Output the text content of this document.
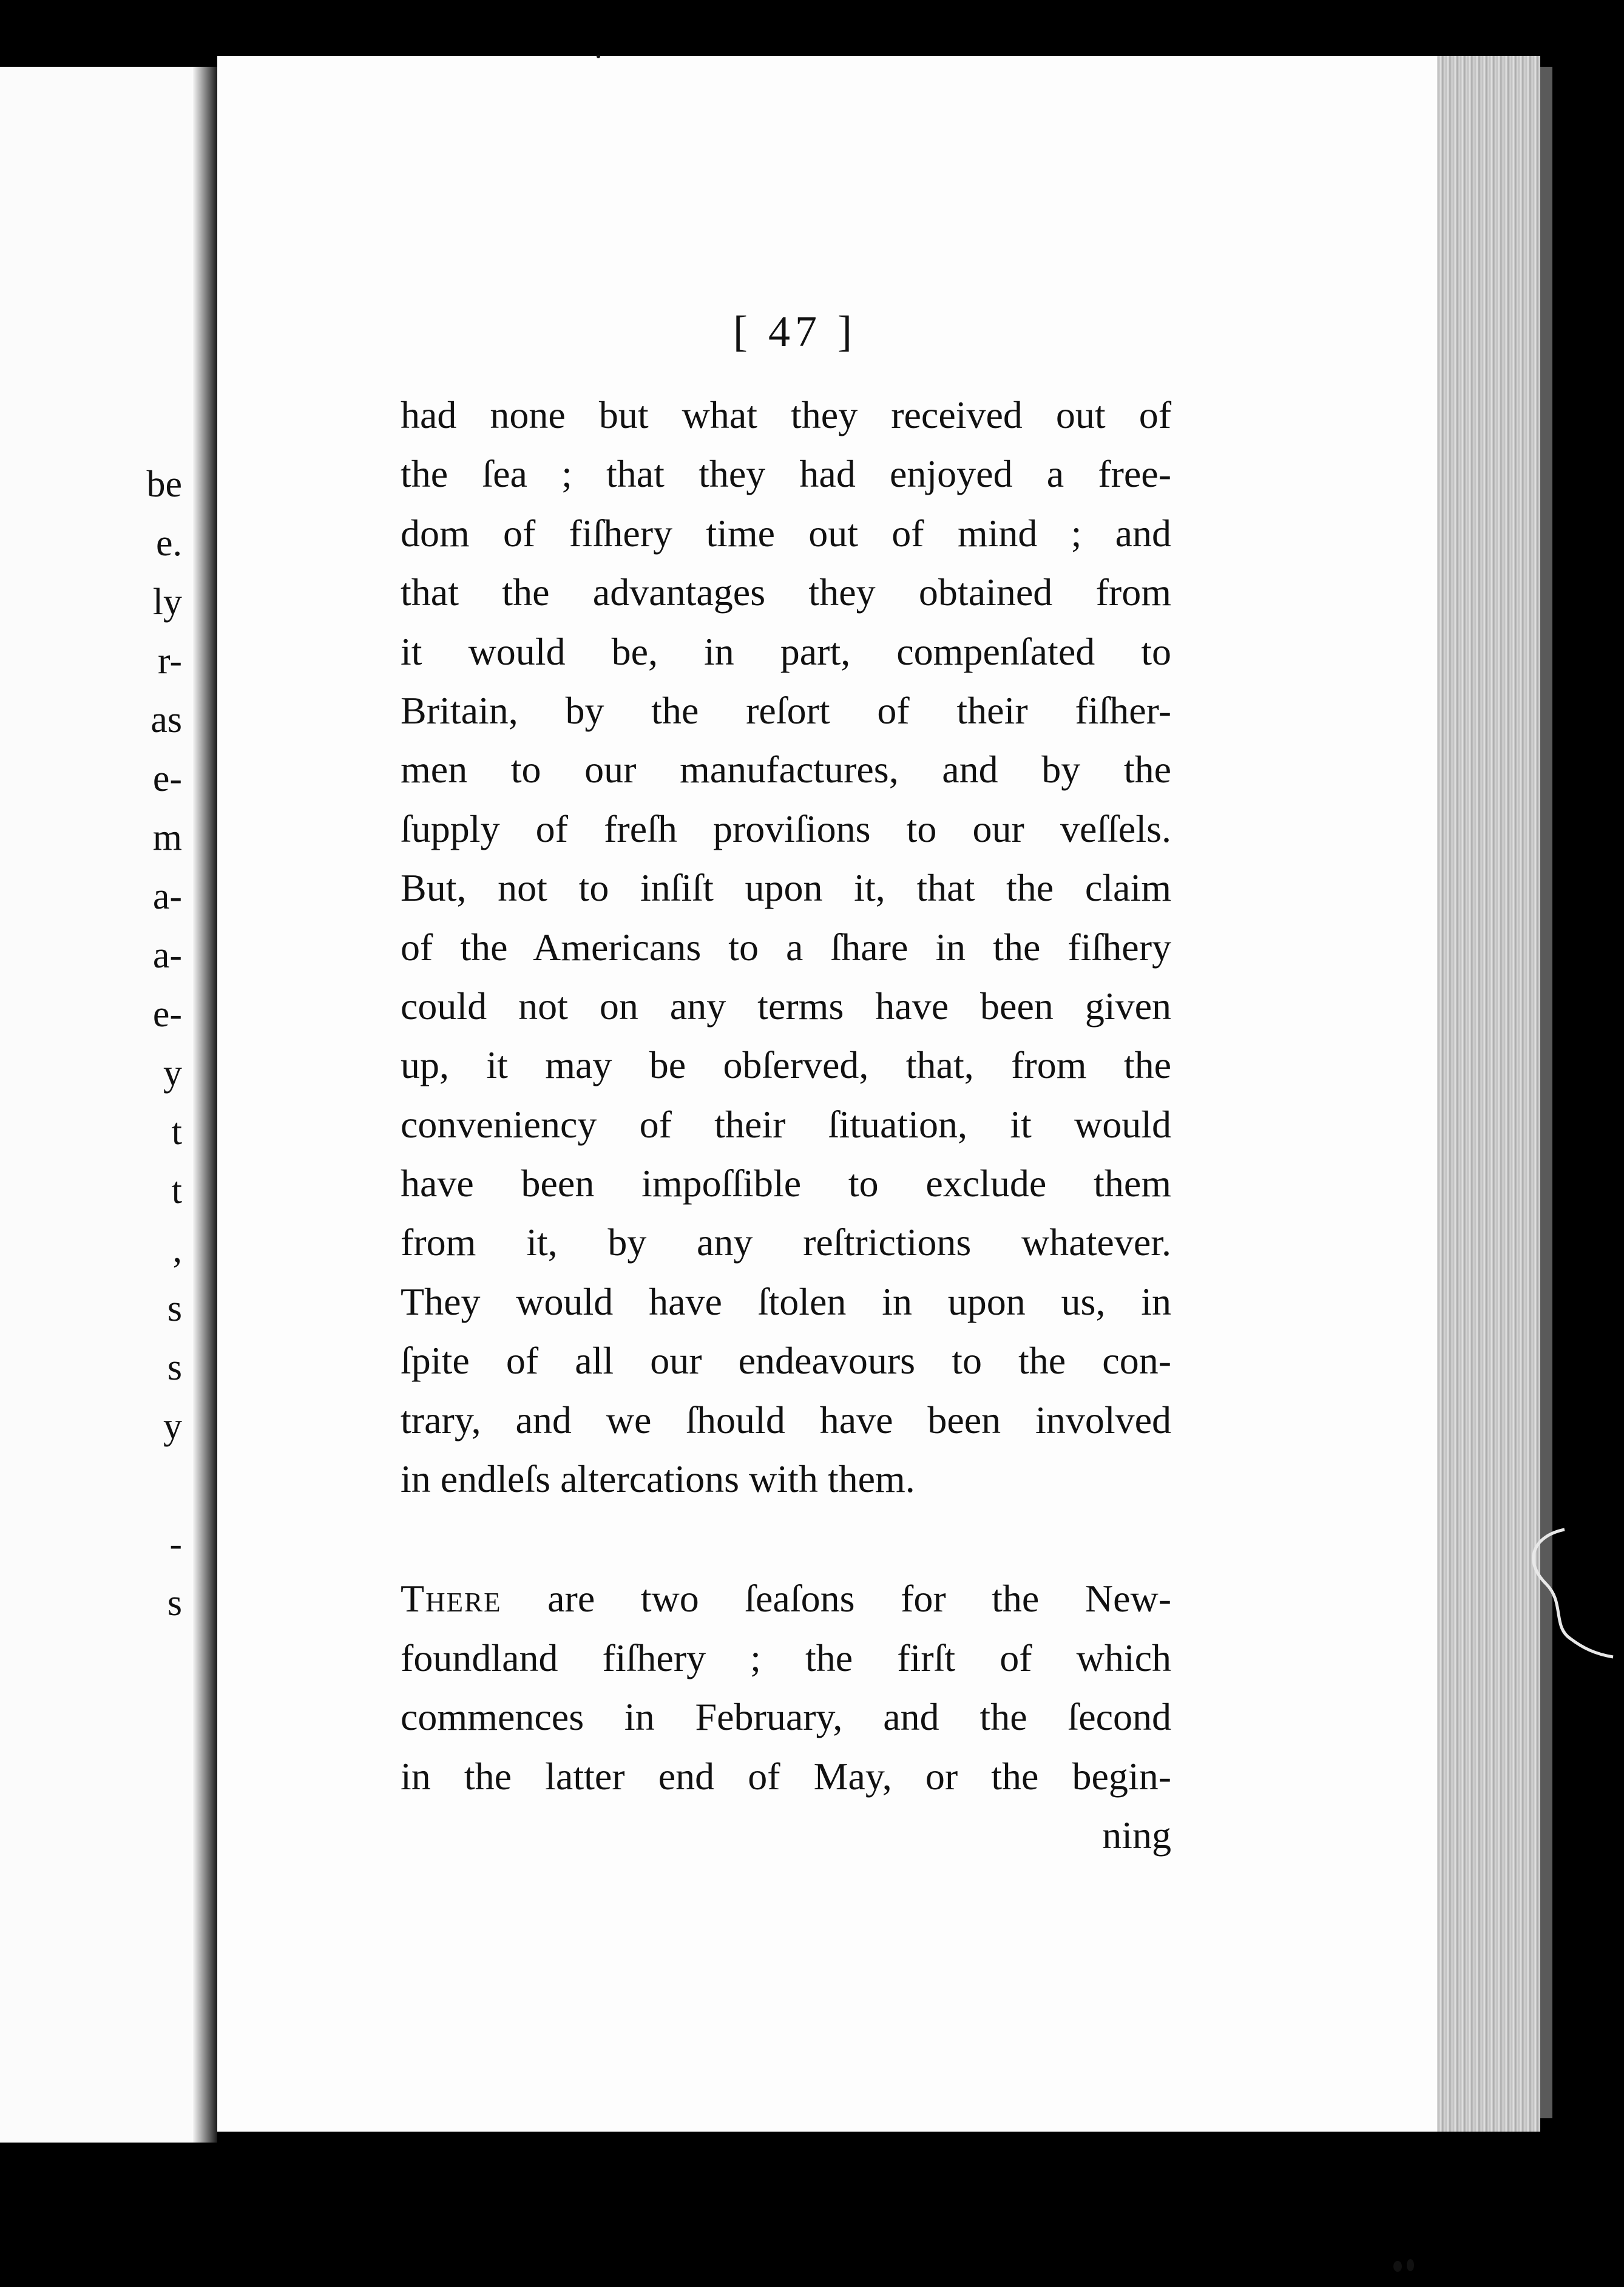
be
e.
ly
r-
as
e-
m
a-
a-
e-
y
t
t
,
s
s
y
-
s
[ 47 ]
had none but what they received out of
the ſea ; that they had enjoyed a free-
dom of fiſhery time out of mind ; and
that the advantages they obtained from
it would be, in part, compenſated to
Britain, by the reſort of their fiſher-
men to our manufactures, and by the
ſupply of freſh proviſions to our veſſels.
But, not to inſiſt upon it, that the claim
of the Americans to a ſhare in the fiſhery
could not on any terms have been given
up, it may be obſerved, that, from the
conveniency of their ſituation, it would
have been impoſſible to exclude them
from it, by any reſtrictions whatever.
They would have ſtolen in upon us, in
ſpite of all our endeavours to the con-
trary, and we ſhould have been involved
in endleſs altercations with them.
There are two ſeaſons for the New-
foundland fiſhery ; the firſt of which
commences in February, and the ſecond
in the latter end of May, or the begin-
ning
